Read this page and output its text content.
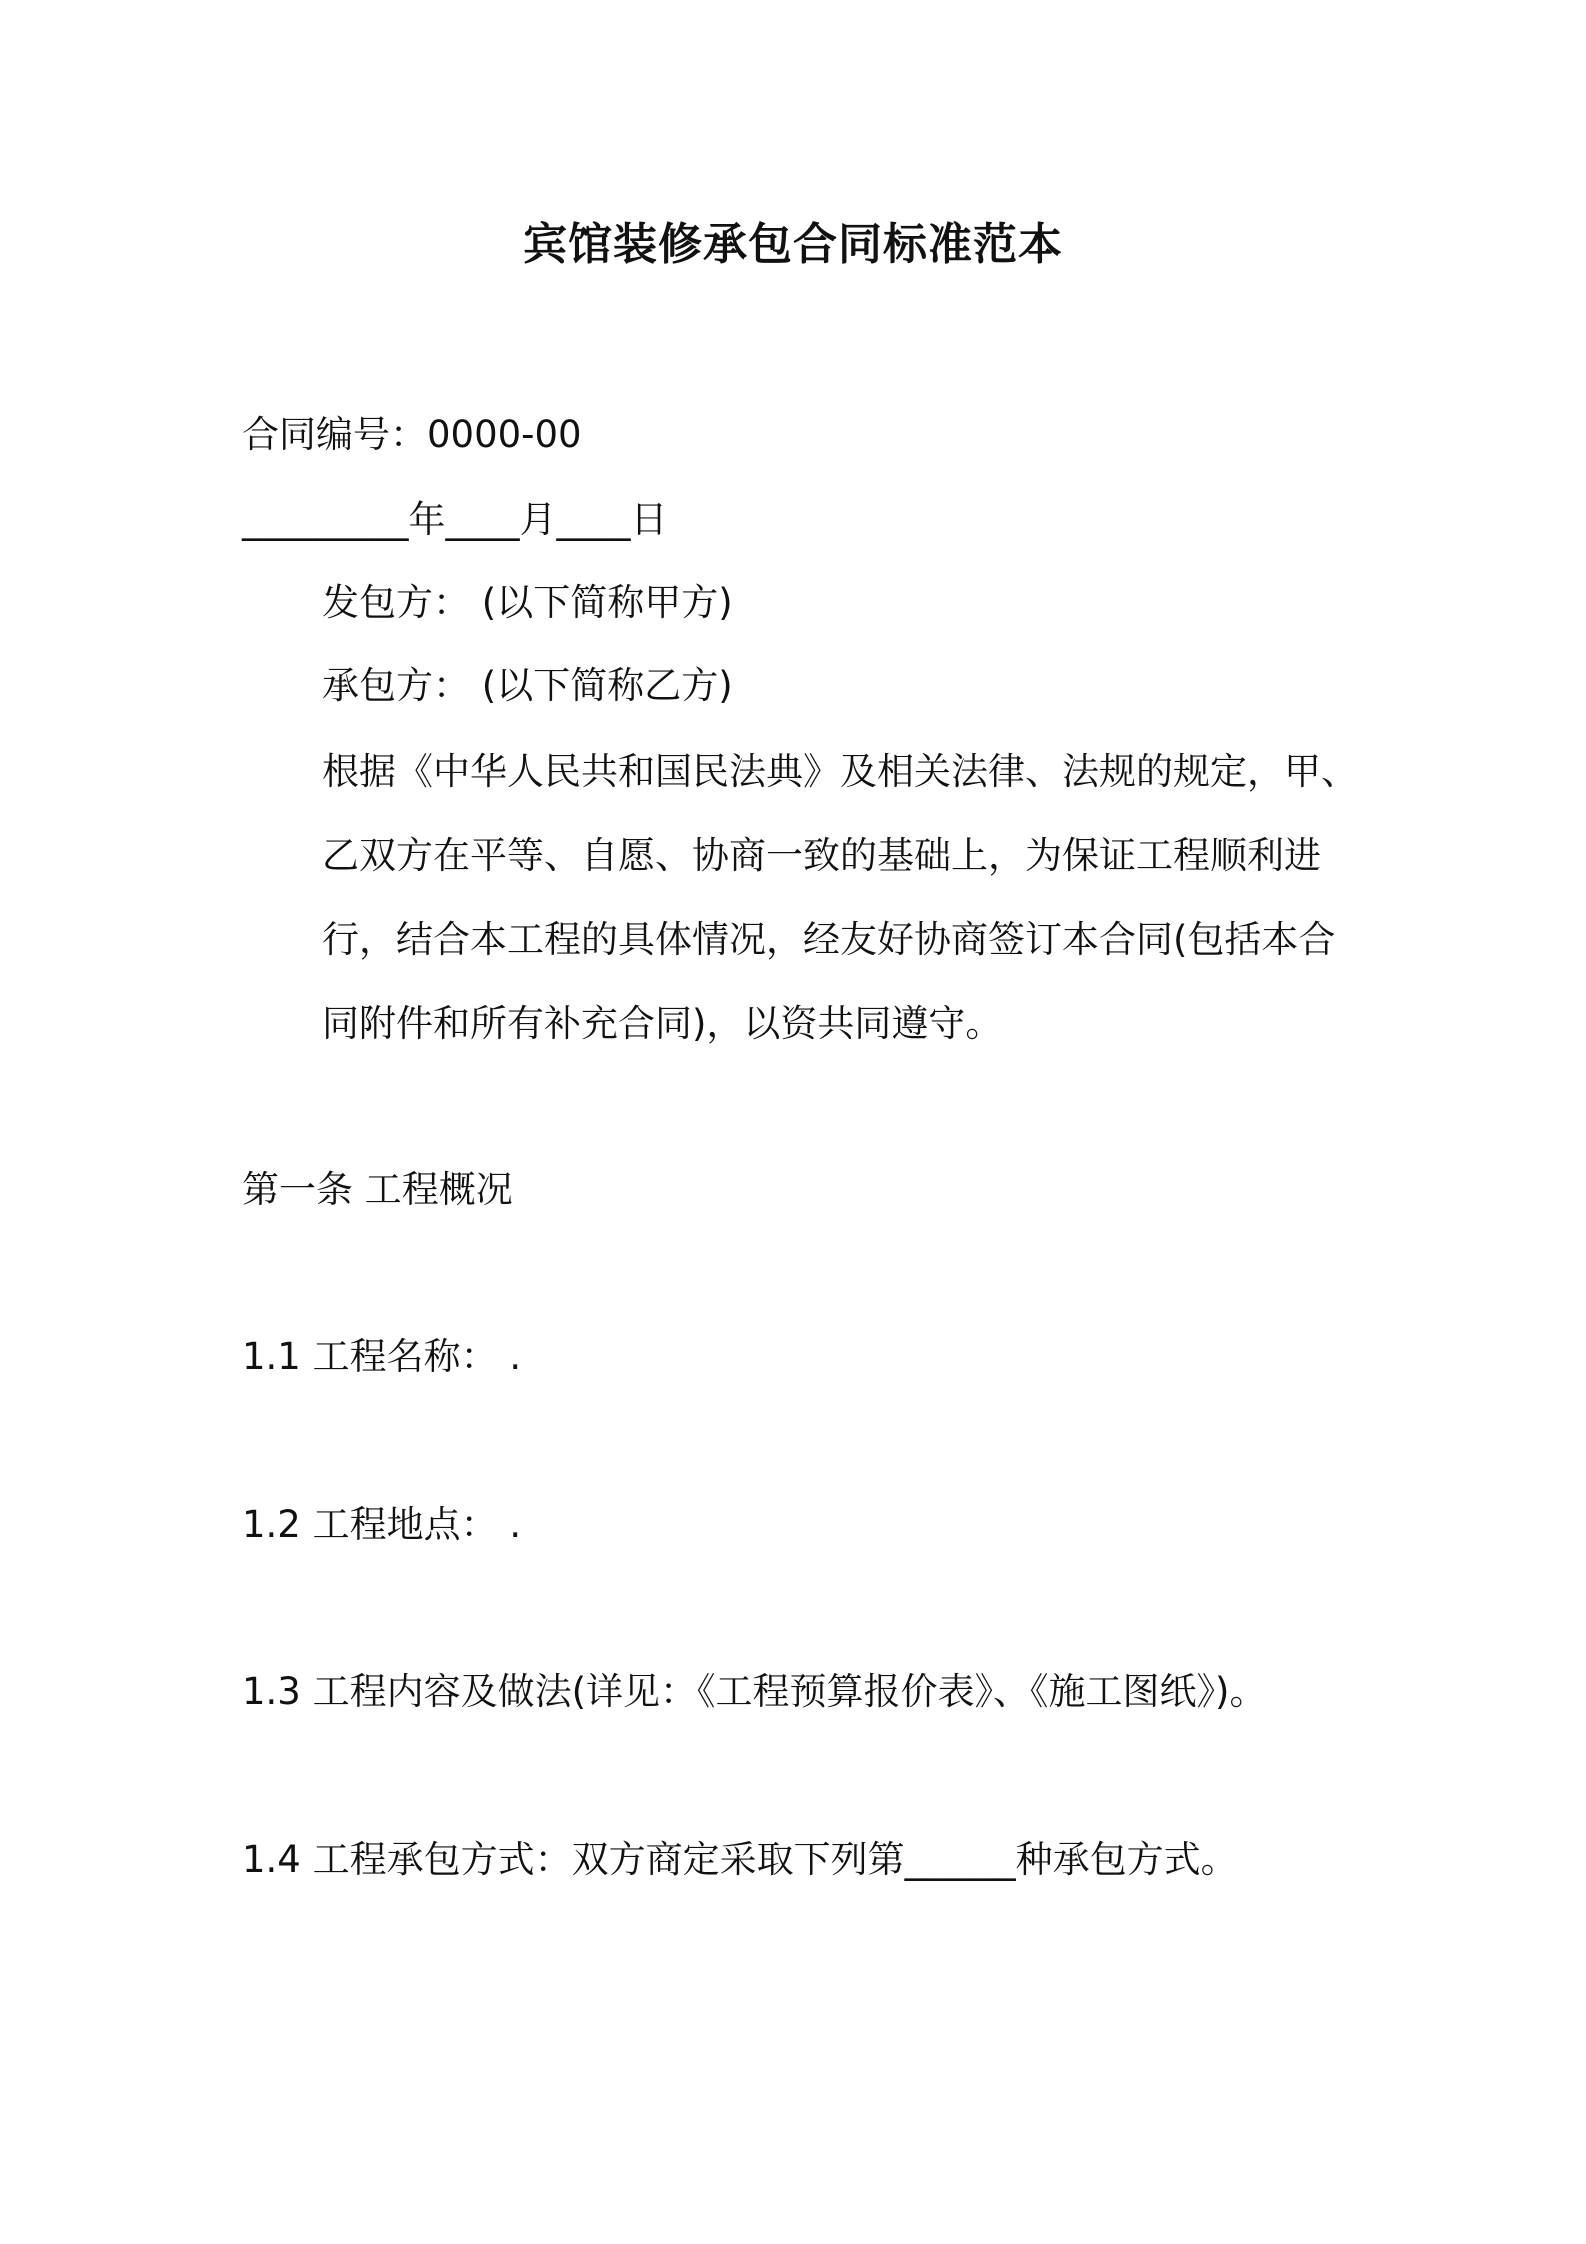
宾馆装修承包合同标准范本
合同编号：0000-00
_________年____月____日
发包方： (以下简称甲方)
承包方： (以下简称乙方)
根据《中华人民共和国民法典》及相关法律、法规的规定，甲、乙双方在平等、自愿、协商一致的基础上，为保证工程顺利进行，结合本工程的具体情况，经友好协商签订本合同(包括本合同附件和所有补充合同)，以资共同遵守。
第一条 工程概况
1.1 工程名称： .
1.2 工程地点： .
1.3 工程内容及做法(详见：《工程预算报价表》、《施工图纸》)。
1.4 工程承包方式：双方商定采取下列第______种承包方式。
